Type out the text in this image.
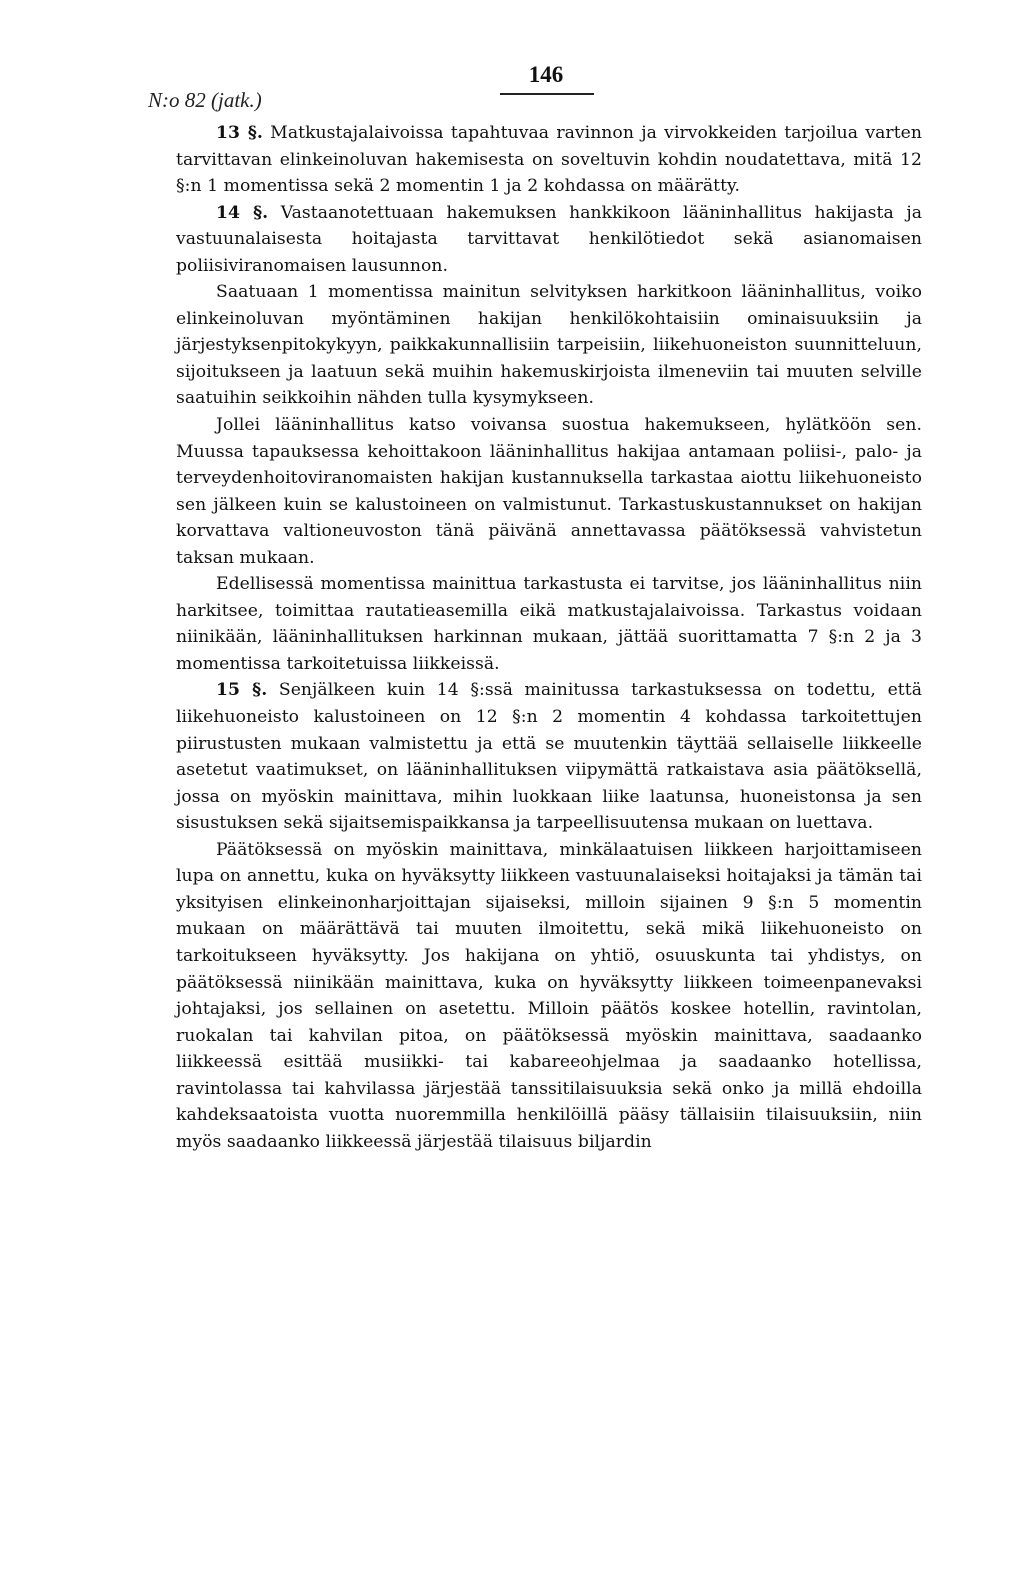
N:o 82 (jatk.)
146

13 §. Matkustajalaivoissa tapahtuvaa ravinnon ja virvokkeiden tarjoilua varten tarvittavan elinkeinoluvan hakemisesta on soveltuvin kohdin noudatettava, mitä 12 §:n 1 momentissa sekä 2 momentin 1 ja 2 kohdassa on määrätty.

14 §. Vastaanotettuaan hakemuksen hankkikoon lääninhallitus hakijasta ja vastuunalaisesta hoitajasta tarvittavat henkilötiedot sekä asianomaisen poliisiviranomaisen lausunnon.

Saatuaan 1 momentissa mainitun selvityksen harkitkoon lääninhallitus, voiko elinkeinoluvan myöntäminen hakijan henkilökohtaisiin ominaisuuksiin ja järjestyksenpitokykyyn, paikkakunnallisiin tarpeisiin, liikehuoneiston suunnitteluun, sijoitukseen ja laatuun sekä muihin hakemuskirjoista ilmeneviin tai muuten selville saatuihin seikkoihin nähden tulla kysymykseen.

Jollei lääninhallitus katso voivansa suostua hakemukseen, hylätköön sen. Muussa tapauksessa kehoittakoon lääninhallitus hakijaa antamaan poliisi-, palo- ja terveydenhoitoviranomaisten hakijan kustannuksella tarkastaa aiottu liikehuoneisto sen jälkeen kuin se kalustoineen on valmistunut. Tarkastuskustannukset on hakijan korvattava valtioneuvoston tänä päivänä annettavassa päätöksessä vahvistetun taksan mukaan.

Edellisessä momentissa mainittua tarkastusta ei tarvitse, jos lääninhallitus niin harkitsee, toimittaa rautatieasemilla eikä matkustajalaivoissa. Tarkastus voidaan niinikään, lääninhallituksen harkinnan mukaan, jättää suorittamatta 7 §:n 2 ja 3 momentissa tarkoitetuissa liikkeissä.

15 §. Senjälkeen kuin 14 §:ssä mainitussa tarkastuksessa on todettu, että liikehuoneisto kalustoineen on 12 §:n 2 momentin 4 kohdassa tarkoitettujen piirustusten mukaan valmistettu ja että se muutenkin täyttää sellaiselle liikkeelle asetetut vaatimukset, on lääninhallituksen viipymättä ratkaistava asia päätöksellä, jossa on myöskin mainittava, mihin luokkaan liike laatunsa, huoneistonsa ja sen sisustuksen sekä sijaitsemispaikkansa ja tarpeellisuutensa mukaan on luettava.

Päätöksessä on myöskin mainittava, minkälaatuisen liikkeen harjoittamiseen lupa on annettu, kuka on hyväksytty liikkeen vastuunalaiseksi hoitajaksi ja tämän tai yksityisen elinkeinonharjoittajan sijaiseksi, milloin sijainen 9 §:n 5 momentin mukaan on määrättävä tai muuten ilmoitettu, sekä mikä liikehuoneisto on tarkoitukseen hyväksytty. Jos hakijana on yhtiö, osuuskunta tai yhdistys, on päätöksessä niinikään mainittava, kuka on hyväksytty liikkeen toimeenpanevaksi johtajaksi, jos sellainen on asetettu. Milloin päätös koskee hotellin, ravintolan, ruokalan tai kahvilan pitoa, on päätöksessä myöskin mainittava, saadaanko liikkeessä esittää musiikki- tai kabareeohjelmaa ja saadaanko hotellissa, ravintolassa tai kahvilassa järjestää tanssitilaisuuksia sekä onko ja millä ehdoilla kahdeksaatoista vuotta nuoremmilla henkilöillä pääsy tällaisiin tilaisuuksiin, niin myös saadaanko liikkeessä järjestää tilaisuus biljardin
